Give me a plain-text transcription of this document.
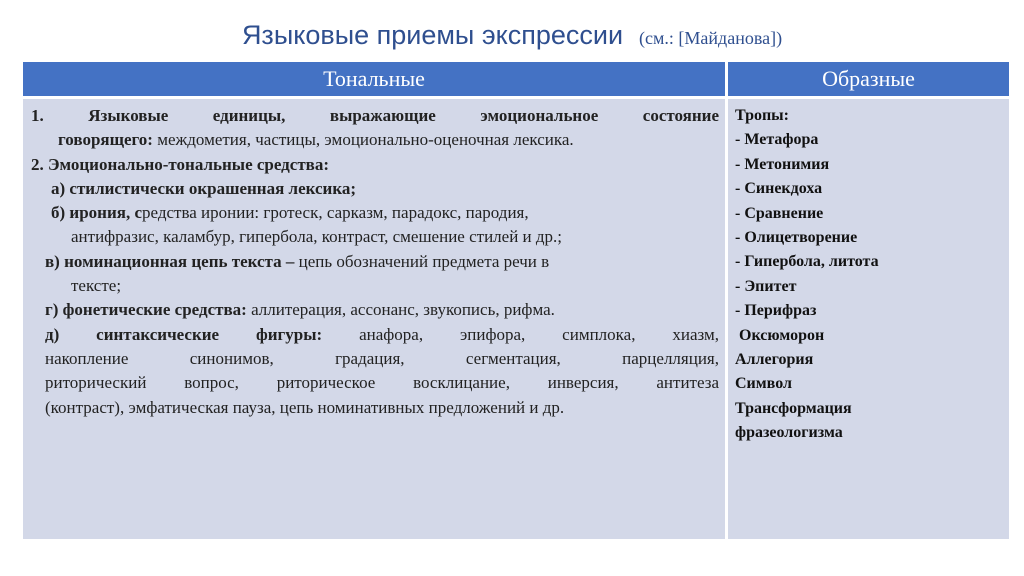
Языковые приемы экспрессии (см.: [Майданова])
Тональные	Образные

1. Языковые единицы, выражающие эмоциональное состояние

говорящего: междометия, частицы, эмоционально-оценочная лексика.

2. Эмоционально-тональные средства:

а) стилистически окрашенная лексика;

б) ирония, средства иронии: гротеск, сарказм, парадокс, пародия,

антифразис, каламбур, гипербола, контраст, смешение стилей и др.;

в) номинационная цепь текста – цепь обозначений предмета речи в

тексте;

г) фонетические средства: аллитерация, ассонанс, звукопись, рифма.

д) синтаксические фигуры: анафора, эпифора, симплока, хиазм,

накопление синонимов, градация, сегментация, парцелляция,

риторический вопрос, риторическое восклицание, инверсия, антитеза

(контраст), эмфатическая пауза, цепь номинативных предложений и др.

Тропы:
- Метафора
- Метонимия
- Синекдоха
- Сравнение
- Олицетворение
- Гипербола, литота
- Эпитет
- Перифраз
Оксюморон
Аллегория
Символ
Трансформация
фразеологизма
